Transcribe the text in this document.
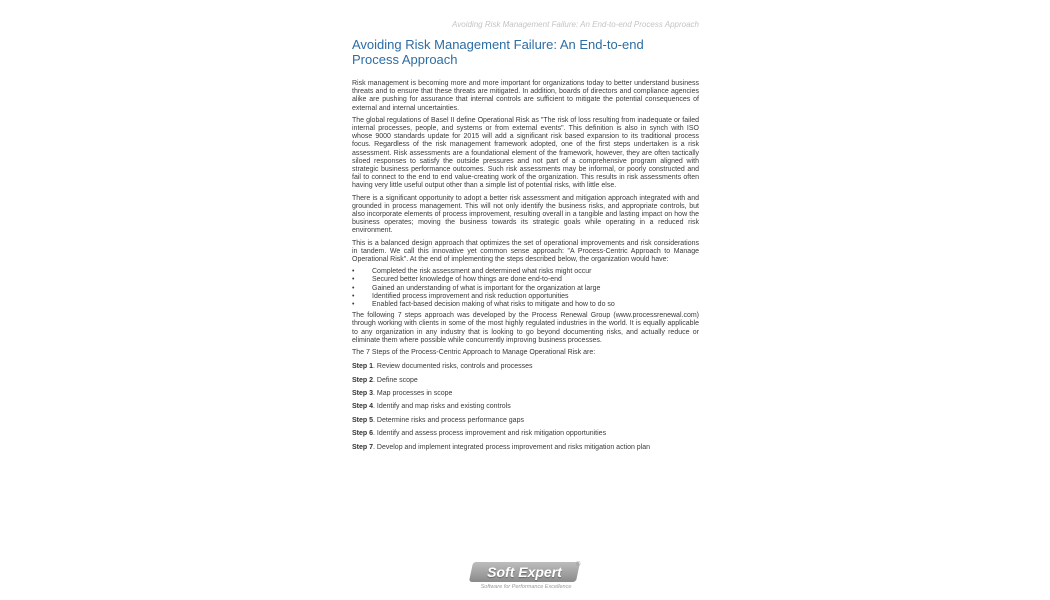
Avoiding Risk Management Failure: An End-to-end Process Approach
Avoiding Risk Management Failure: An End-to-end
Process Approach

Risk management is becoming more and more important for organizations today to better understand business threats and to ensure that these threats are mitigated. In addition, boards of directors and compliance agencies alike are pushing for assurance that internal controls are sufficient to mitigate the potential consequences of external and internal uncertainties.

The global regulations of Basel II define Operational Risk as "The risk of loss resulting from inadequate or failed internal processes, people, and systems or from external events". This definition is also in synch with ISO whose 9000 standards update for 2015 will add a significant risk based expansion to its traditional process focus. Regardless of the risk management framework adopted, one of the first steps undertaken is a risk assessment. Risk assessments are a foundational element of the framework, however, they are often tactically siloed responses to satisfy the outside pressures and not part of a comprehensive program aligned with strategic business performance outcomes. Such risk assessments may be informal, or poorly constructed and fail to connect to the end to end value-creating work of the organization. This results in risk assessments often having very little useful output other than a simple list of potential risks, with little else.

There is a significant opportunity to adopt a better risk assessment and mitigation approach integrated with and grounded in process management. This will not only identify the business risks, and appropriate controls, but also incorporate elements of process improvement, resulting overall in a tangible and lasting impact on how the business operates; moving the business towards its strategic goals while operating in a reduced risk environment.

This is a balanced design approach that optimizes the set of operational improvements and risk considerations in tandem. We call this innovative yet common sense approach: "A Process-Centric Approach to Manage Operational Risk". At the end of implementing the steps described below, the organization would have:

•	Completed the risk assessment and determined what risks might occur
•	Secured better knowledge of how things are done end-to-end
•	Gained an understanding of what is important for the organization at large
•	Identified process improvement and risk reduction opportunities
•	Enabled fact-based decision making of what risks to mitigate and how to do so

The following 7 steps approach was developed by the Process Renewal Group (www.processrenewal.com) through working with clients in some of the most highly regulated industries in the world. It is equally applicable to any organization in any industry that is looking to go beyond documenting risks, and actually reduce or eliminate them where possible while concurrently improving business processes.

The 7 Steps of the Process-Centric Approach to Manage Operational Risk are:

Step 1. Review documented risks, controls and processes
Step 2. Define scope
Step 3. Map processes in scope
Step 4. Identify and map risks and existing controls
Step 5. Determine risks and process performance gaps
Step 6. Identify and assess process improvement and risk mitigation opportunities
Step 7. Develop and implement integrated process improvement and risks mitigation action plan
Soft Expert	®
Software for Performance Excellence
